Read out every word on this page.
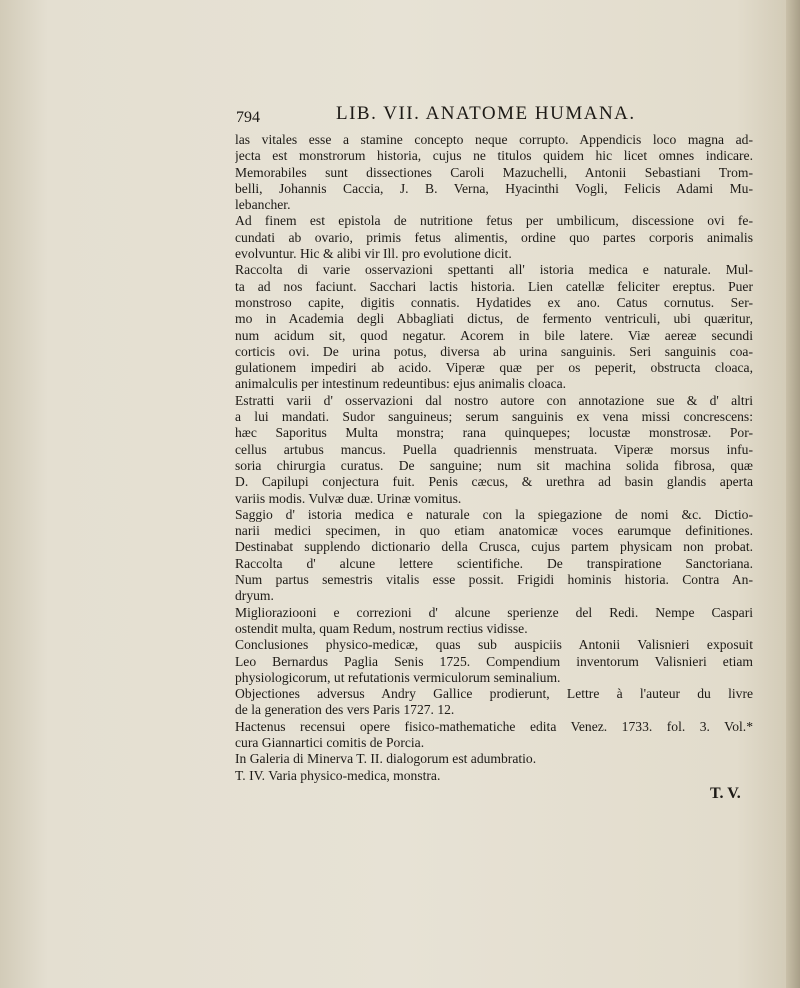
794	LIB. VII. ANATOME HUMANA.
las vitales esse a stamine concepto neque corrupto. Appendicis loco magna ad-
jecta est monstrorum historia, cujus ne titulos quidem hic licet omnes indicare.
Memorabiles sunt dissectiones Caroli Mazuchelli, Antonii Sebastiani Trom-
belli, Johannis Caccia, J. B. Verna, Hyacinthi Vogli, Felicis Adami Mu-
lebancher.
Ad finem est epistola de nutritione fetus per umbilicum, discessione ovi fe-
cundati ab ovario, primis fetus alimentis, ordine quo partes corporis animalis
evolvuntur. Hic & alibi vir Ill. pro evolutione dicit.
Raccolta di varie osservazioni spettanti all' istoria medica e naturale. Mul-
ta ad nos faciunt. Sacchari lactis historia. Lien catellæ feliciter ereptus. Puer
monstroso capite, digitis connatis. Hydatides ex ano. Catus cornutus. Ser-
mo in Academia degli Abbagliati dictus, de fermento ventriculi, ubi quæritur,
num acidum sit, quod negatur. Acorem in bile latere. Viæ aereæ secundi
corticis ovi. De urina potus, diversa ab urina sanguinis. Seri sanguinis coa-
gulationem impediri ab acido. Viperæ quæ per os peperit, obstructa cloaca,
animalculis per intestinum redeuntibus: ejus animalis cloaca.
Estratti varii d' osservazioni dal nostro autore con annotazione sue & d' altri
a lui mandati. Sudor sanguineus; serum sanguinis ex vena missi concrescens:
hæc Saporitus Multa monstra; rana quinquepes; locustæ monstrosæ. Por-
cellus artubus mancus. Puella quadriennis menstruata. Viperæ morsus infu-
soria chirurgia curatus. De sanguine; num sit machina solida fibrosa, quæ
D. Capilupi conjectura fuit. Penis cæcus, & urethra ad basin glandis aperta
variis modis. Vulvæ duæ. Urinæ vomitus.
Saggio d' istoria medica e naturale con la spiegazione de nomi &c. Dictio-
narii medici specimen, in quo etiam anatomicæ voces earumque definitiones.
Destinabat supplendo dictionario della Crusca, cujus partem physicam non probat.
Raccolta d' alcune lettere scientifiche. De transpiratione Sanctoriana.
Num partus semestris vitalis esse possit. Frigidi hominis historia. Contra An-
dryum.
Miglioraziooni e correzioni d' alcune sperienze del Redi. Nempe Caspari
ostendit multa, quam Redum, nostrum rectius vidisse.
Conclusiones physico-medicæ, quas sub auspiciis Antonii Valisnieri exposuit
Leo Bernardus Paglia Senis 1725. Compendium inventorum Valisnieri etiam
physiologicorum, ut refutationis vermiculorum seminalium.
Objectiones adversus Andry Gallice prodierunt, Lettre à l'auteur du livre
de la generation des vers Paris 1727. 12.
Hactenus recensui opere fisico-mathematiche edita Venez. 1733. fol. 3. Vol.*
cura Giannartici comitis de Porcia.
In Galeria di Minerva T. II. dialogorum est adumbratio.
T. IV. Varia physico-medica, monstra.
T. V.
